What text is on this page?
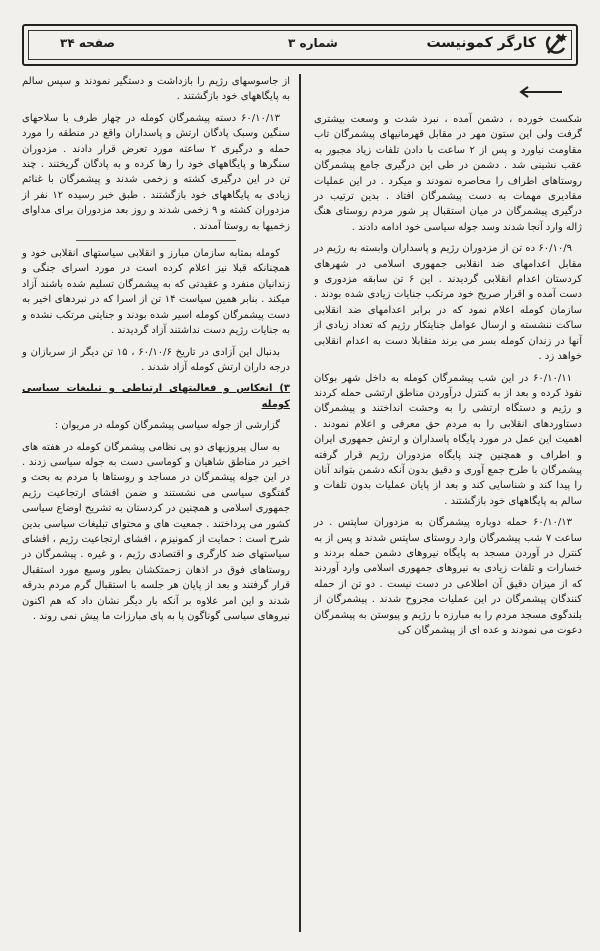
کارگر کمونیست
شماره ۳
صفحه ۳۴

شکست خورده ، دشمن آمده ، نبرد شدت و وسعت بیشتری گرفت ولی این ستون مهر در مقابل قهرمانیهای پیشمرگان تاب مقاومت نیاورد و پس از ۲ ساعت با دادن تلفات زیاد مجبور به عقب نشینی شد . دشمن در طی این درگیری جامع پیشمرگان روستاهای اطراف را محاصره نمودند و میکرد . در این عملیات مقادیری مهمات به دست پیشمرگان افتاد . بدین ترتیب در درگیری پیشمرگان در میان استقبال پر شور مردم روستای هنگ ژاله وارد آنجا شدند وسد جوله سیاسی خود ادامه دادند .

۶۰/۱۰/۹ ده تن از مزدوران رژیم و پاسداران وابسته به رژیم در مقابل اعدامهای ضد انقلابی جمهوری اسلامی در شهرهای کردستان اعدام انقلابی گردیدند . این ۶ تن سابقه مزدوری و دست آمده و اقرار صریح خود مرتکب جنایات زیادی شده بودند . سازمان کومله اعلام نمود که در برابر اعدامهای ضد انقلابی ساکت ننشسته و ارسال عوامل جنایتکار رژیم که تعداد زیادی از آنها در زندان کومله بسر می برند متقابلا دست به اعدام انقلابی خواهد زد .

۶۰/۱۰/۱۱ در این شب پیشمرگان کومله به داخل شهر بوکان نفوذ کرده و بعد از به کنترل درآوردن مناطق ارتشی حمله کردند و رژیم و دستگاه ارتشی را به وحشت انداختند و پیشمرگان دستاوردهای انقلابی را به مردم حق معرفی و اعلام نمودند . اهمیت این عمل در مورد پایگاه پاسداران و ارتش جمهوری ایران و اطراف و همچنین چند پایگاه مزدوران رژیم قرار گرفته پیشمرگان با طرح جمع آوری و دقیق بدون آنکه دشمن بتواند آنان را پیدا کند و شناسایی کند و بعد از پایان عملیات بدون تلفات و سالم به پایگاههای خود بازگشتند .

۶۰/۱۰/۱۳ حمله دوباره پیشمرگان به مزدوران ساپتس . در ساعت ۷ شب پیشمرگان وارد روستای ساپتس شدند و پس از به کنترل در آوردن مسجد به پایگاه نیروهای دشمن حمله بردند و خسارات و تلفات زیادی به نیروهای جمهوری اسلامی وارد آوردند که از میزان دقیق آن اطلاعی در دست نیست . دو تن از حمله کنندگان پیشمرگان در این عملیات مجروح شدند . پیشمرگان از بلندگوی مسجد مردم را به مبارزه با رژیم و پیوستن به پیشمرگان دعوت می نمودند و عده ای از پیشمرگان کی

از جاسوسهای رژیم را بازداشت و دستگیر نمودند و سپس سالم به پایگاههای خود بازگشتند .

۶۰/۱۰/۱۳ دسته پیشمرگان کومله در چهار طرف با سلاحهای سنگین وسبک پادگان ارتش و پاسداران واقع در منطقه را مورد حمله و درگیری ۲ ساعته مورد تعرض قرار دادند . مزدوران سنگرها و پایگاههای خود را رها کرده و به پادگان گریختند . چند تن در این درگیری کشته و زخمی شدند و پیشمرگان با غنائم زیادی به پایگاههای خود بازگشتند . طبق خبر رسیده ۱۲ نفر از مزدوران کشته و ۹ زخمی شدند و روز بعد مزدوران برای مداوای زخمیها به روستا آمدند .

کومله بمثابه سازمان مبارز و انقلابی سیاستهای انقلابی خود و همچنانکه قبلا نیز اعلام کرده است در مورد اسرای جنگی و زندانیان منفرد و عقیدتی که به پیشمرگان تسلیم شده باشند آزاد میکند . بنابر همین سیاست ۱۴ تن از اسرا که در نبردهای اخیر به دست پیشمرگان کومله اسیر شده بودند و جنایتی مرتکب نشده و به جنایات رژیم دست نداشتند آزاد گردیدند .

بدنبال این آزادی در تاریخ ۶۰/۱۰/۶ ، ۱۵ تن دیگر از سربازان و درجه داران ارتش کومله آزاد شدند .

۳) انعکاس و فعالیتهای ارتباطی و تبلیغات سیاسی کومله

گزارشی از جوله سیاسی پیشمرگان کومله در مریوان :

به سال پیروزیهای دو پی نظامی پیشمرگان کومله در هفته های اخیر در مناطق شاهیان و کوماسی دست به جوله سیاسی زدند . در این جوله پیشمرگان در مساجد و روستاها با مردم به بحث و گفتگوی سیاسی می نشستند و ضمن افشای ارتجاعیت رژیم جمهوری اسلامی و همچنین در کردستان به تشریح اوضاع سیاسی کشور می پرداختند . جمعیت های و محتوای تبلیغات سیاسی بدین شرح است : حمایت از کمونیزم ، افشای ارتجاعیت رژیم ، افشای سیاستهای ضد کارگری و اقتصادی رژیم ، و غیره . پیشمرگان در روستاهای فوق در اذهان زحمتکشان بطور وسیع مورد استقبال قرار گرفتند و بعد از پایان هر جلسه با استقبال گرم مردم بدرقه شدند و این امر علاوه بر آنکه بار دیگر نشان داد که هم اکنون نیروهای سیاسی گوناگون پا به پای مبارزات ما پیش نمی روند .
